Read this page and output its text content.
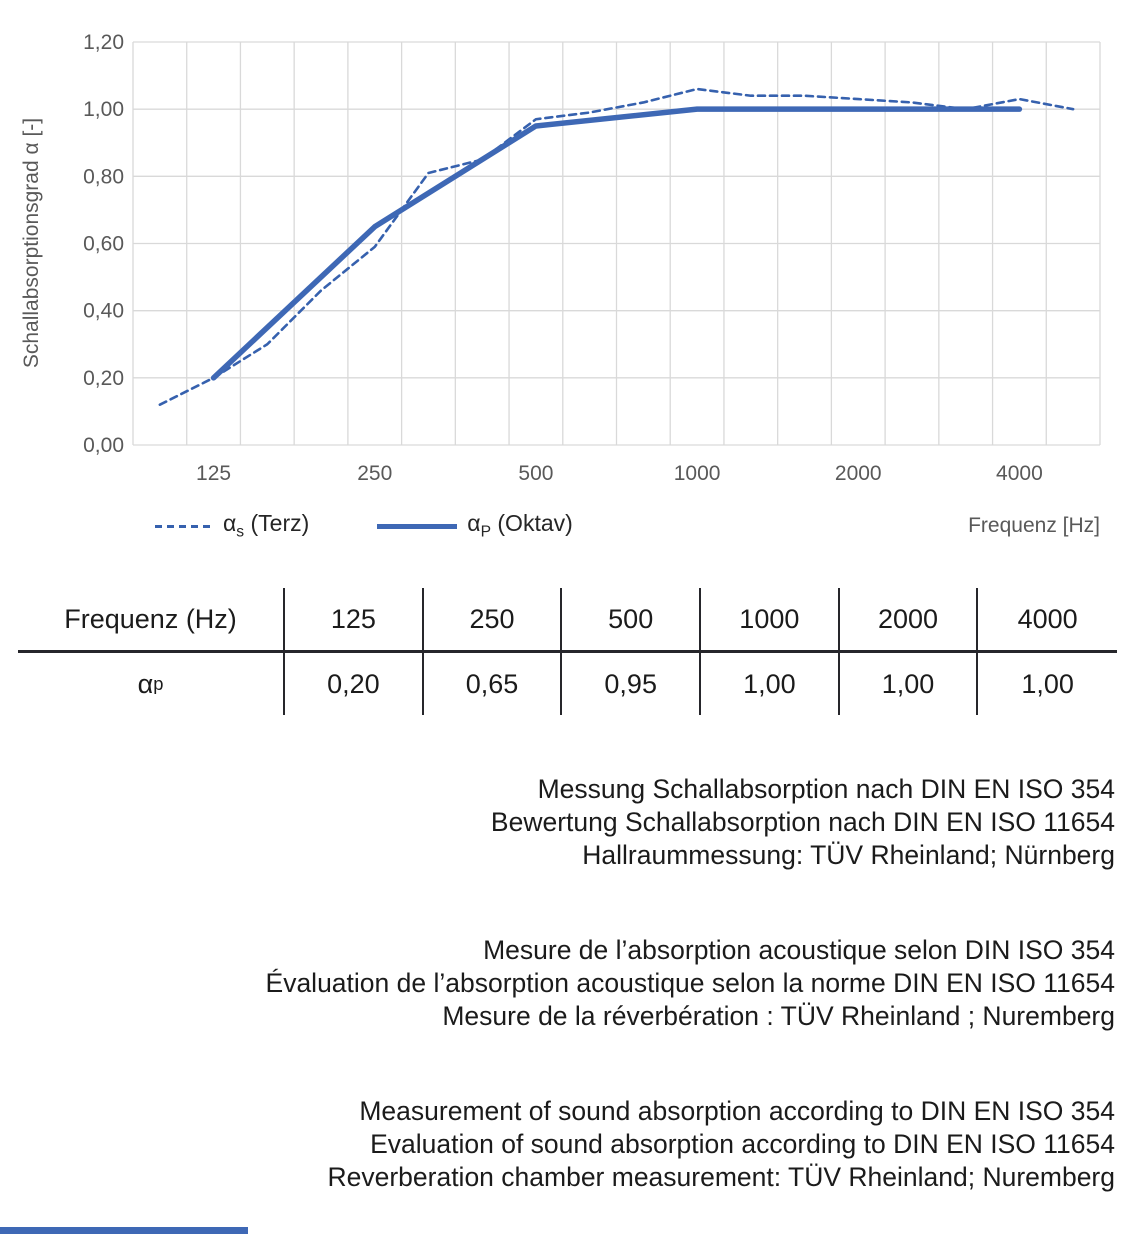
1,20
1,00
0,80
0,60
0,40
0,20
0,00
125	250	500	1000	2000	4000
Schallabsorptionsgrad α [-]
$\alpha_s$ (Terz)	$\alpha_P$ (Oktav)	Frequenz [Hz]
Frequenz (Hz)	125	250	500	1000	2000	4000
α p	0,20	0,65	0,95	1,00	1,00	1,00
Messung Schallabsorption nach DIN EN ISO 354
Bewertung Schallabsorption nach DIN EN ISO 11654
Hallraummessung: TÜV Rheinland; Nürnberg
Mesure de l’absorption acoustique selon DIN ISO 354
Évaluation de l’absorption acoustique selon la norme DIN EN ISO 11654
Mesure de la réverbération : TÜV Rheinland ; Nuremberg
Measurement of sound absorption according to DIN EN ISO 354
Evaluation of sound absorption according to DIN EN ISO 11654
Reverberation chamber measurement: TÜV Rheinland; Nuremberg
